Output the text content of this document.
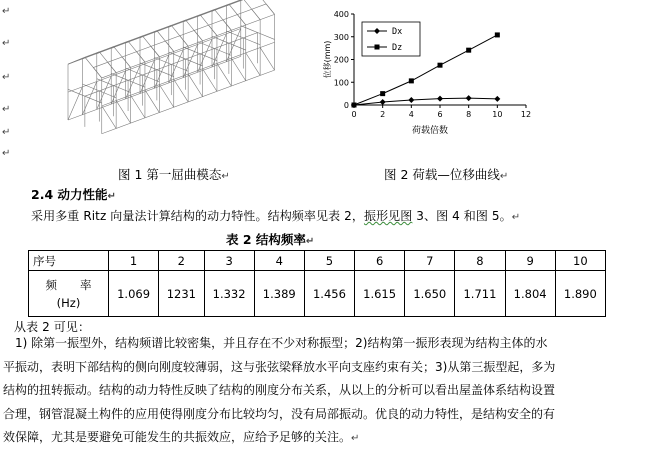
0
100
200
300
400
0	2	4	6	8	10 12
荷载倍数
位移(mm)
Dx
Dz
↵
↵
↵
↵
↵
↵
图 1 第一屈曲模态↵	图 2 荷载—位移曲线↵
2.4 动力性能↵
采用多重 Ritz 向量法计算结构的动力特性。结构频率见表 2，振形见图 3、图 4 和图 5。↵
表 2 结构频率↵
序号	1	2	3	4	5	6	7	8	9	10

频　　率
(Hz)	1.069	1231	1.332	1.389	1.456	1.615	1.650	1.711	1.804	1.890
从表 2 可见：
1) 除第一振型外，结构频谱比较密集，并且存在不少对称振型；2)结构第一振形表现为结构主体的水
平振动，表明下部结构的侧向刚度较薄弱，这与张弦梁释放水平向支座约束有关；3)从第三振型起，多为
结构的扭转振动。结构的动力特性反映了结构的刚度分布关系，从以上的分析可以看出屋盖体系结构设置
合理，钢管混凝土构件的应用使得刚度分布比较均匀，没有局部振动。优良的动力特性，是结构安全的有
效保障，尤其是要避免可能发生的共振效应，应给予足够的关注。↵
